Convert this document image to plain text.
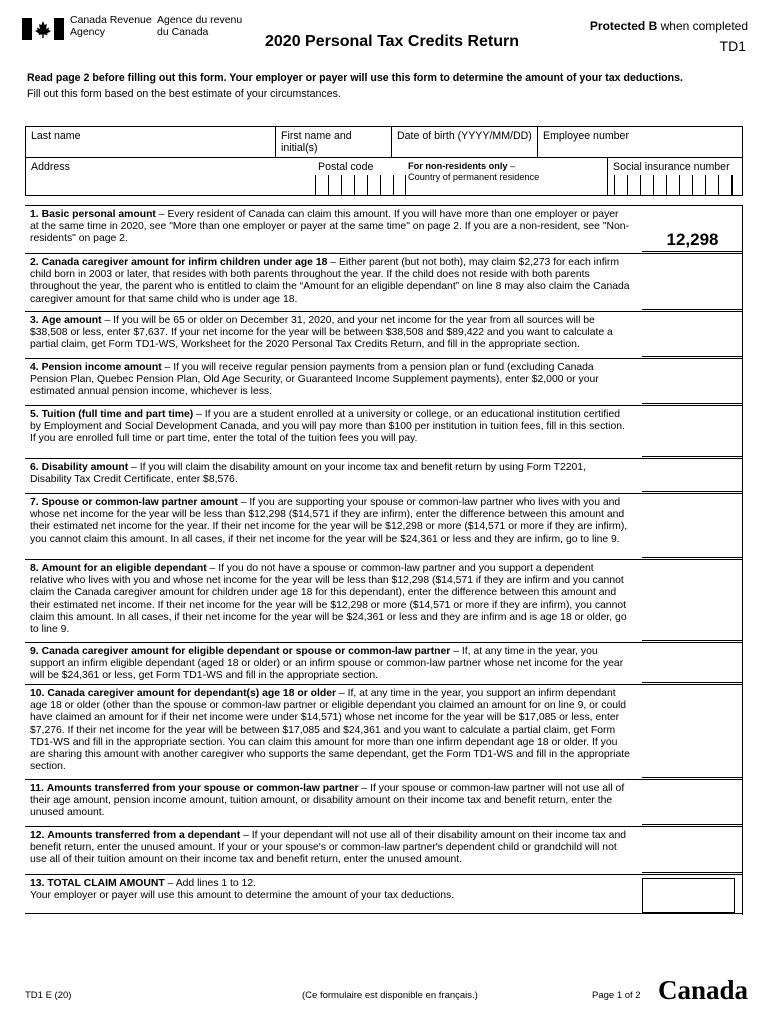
Canada Revenue
Agency
Agence du revenu
du Canada
2020 Personal Tax Credits Return
Protected B when completed
TD1
Read page 2 before filling out this form. Your employer or payer will use this form to determine the amount of your tax deductions.
Fill out this form based on the best estimate of your circumstances.
Last name	First name and initial(s)
Date of birth (YYYY/MM/DD) Employee number
Address	Postal code	For non-residents only –
Country of permanent residence
Social insurance number
1. Basic personal amount – Every resident of Canada can claim this amount. If you will have more than one employer or payer at the same time in 2020, see "More than one employer or payer at the same time" on page 2. If you are a non-resident, see "Non-residents" on page 2.	12,298
2. Canada caregiver amount for infirm children under age 18 – Either parent (but not both), may claim $2,273 for each infirm child born in 2003 or later, that resides with both parents throughout the year. If the child does not reside with both parents throughout the year, the parent who is entitled to claim the “Amount for an eligible dependant” on line 8 may also claim the Canada caregiver amount for that same child who is under age 18.
3. Age amount – If you will be 65 or older on December 31, 2020, and your net income for the year from all sources will be $38,508 or less, enter $7,637. If your net income for the year will be between $38,508 and $89,422 and you want to calculate a partial claim, get Form TD1-WS, Worksheet for the 2020 Personal Tax Credits Return, and fill in the appropriate section.
4. Pension income amount – If you will receive regular pension payments from a pension plan or fund (excluding Canada Pension Plan, Quebec Pension Plan, Old Age Security, or Guaranteed Income Supplement payments), enter $2,000 or your estimated annual pension income, whichever is less.
5. Tuition (full time and part time) – If you are a student enrolled at a university or college, or an educational institution certified by Employment and Social Development Canada, and you will pay more than $100 per institution in tuition fees, fill in this section. If you are enrolled full time or part time, enter the total of the tuition fees you will pay.
6. Disability amount – If you will claim the disability amount on your income tax and benefit return by using Form T2201, Disability Tax Credit Certificate, enter $8,576.
7. Spouse or common-law partner amount – If you are supporting your spouse or common-law partner who lives with you and whose net income for the year will be less than $12,298 ($14,571 if they are infirm), enter the difference between this amount and their estimated net income for the year. If their net income for the year will be $12,298 or more ($14,571 or more if they are infirm), you cannot claim this amount. In all cases, if their net income for the year will be $24,361 or less and they are infirm, go to line 9.
8. Amount for an eligible dependant – If you do not have a spouse or common-law partner and you support a dependent relative who lives with you and whose net income for the year will be less than $12,298 ($14,571 if they are infirm and you cannot claim the Canada caregiver amount for children under age 18 for this dependant), enter the difference between this amount and their estimated net income. If their net income for the year will be $12,298 or more ($14,571 or more if they are infirm), you cannot claim this amount. In all cases, if their net income for the year will be $24,361 or less and they are infirm and is age 18 or older, go to line 9.
9. Canada caregiver amount for eligible dependant or spouse or common-law partner – If, at any time in the year, you support an infirm eligible dependant (aged 18 or older) or an infirm spouse or common-law partner whose net income for the year will be $24,361 or less, get Form TD1-WS and fill in the appropriate section.
10. Canada caregiver amount for dependant(s) age 18 or older – If, at any time in the year, you support an infirm dependant age 18 or older (other than the spouse or common-law partner or eligible dependant you claimed an amount for on line 9, or could have claimed an amount for if their net income were under $14,571) whose net income for the year will be $17,085 or less, enter $7,276. If their net income for the year will be between $17,085 and $24,361 and you want to calculate a partial claim, get Form TD1-WS and fill in the appropriate section. You can claim this amount for more than one infirm dependant age 18 or older. If you are sharing this amount with another caregiver who supports the same dependant, get the Form TD1-WS and fill in the appropriate section.
11. Amounts transferred from your spouse or common-law partner – If your spouse or common-law partner will not use all of their age amount, pension income amount, tuition amount, or disability amount on their income tax and benefit return, enter the unused amount.
12. Amounts transferred from a dependant – If your dependant will not use all of their disability amount on their income tax and benefit return, enter the unused amount. If your or your spouse's or common-law partner's dependent child or grandchild will not use all of their tuition amount on their income tax and benefit return, enter the unused amount.
13. TOTAL CLAIM AMOUNT – Add lines 1 to 12.
Your employer or payer will use this amount to determine the amount of your tax deductions.
TD1 E (20)	(Ce formulaire est disponible en français.)	Page 1 of 2 Canada
